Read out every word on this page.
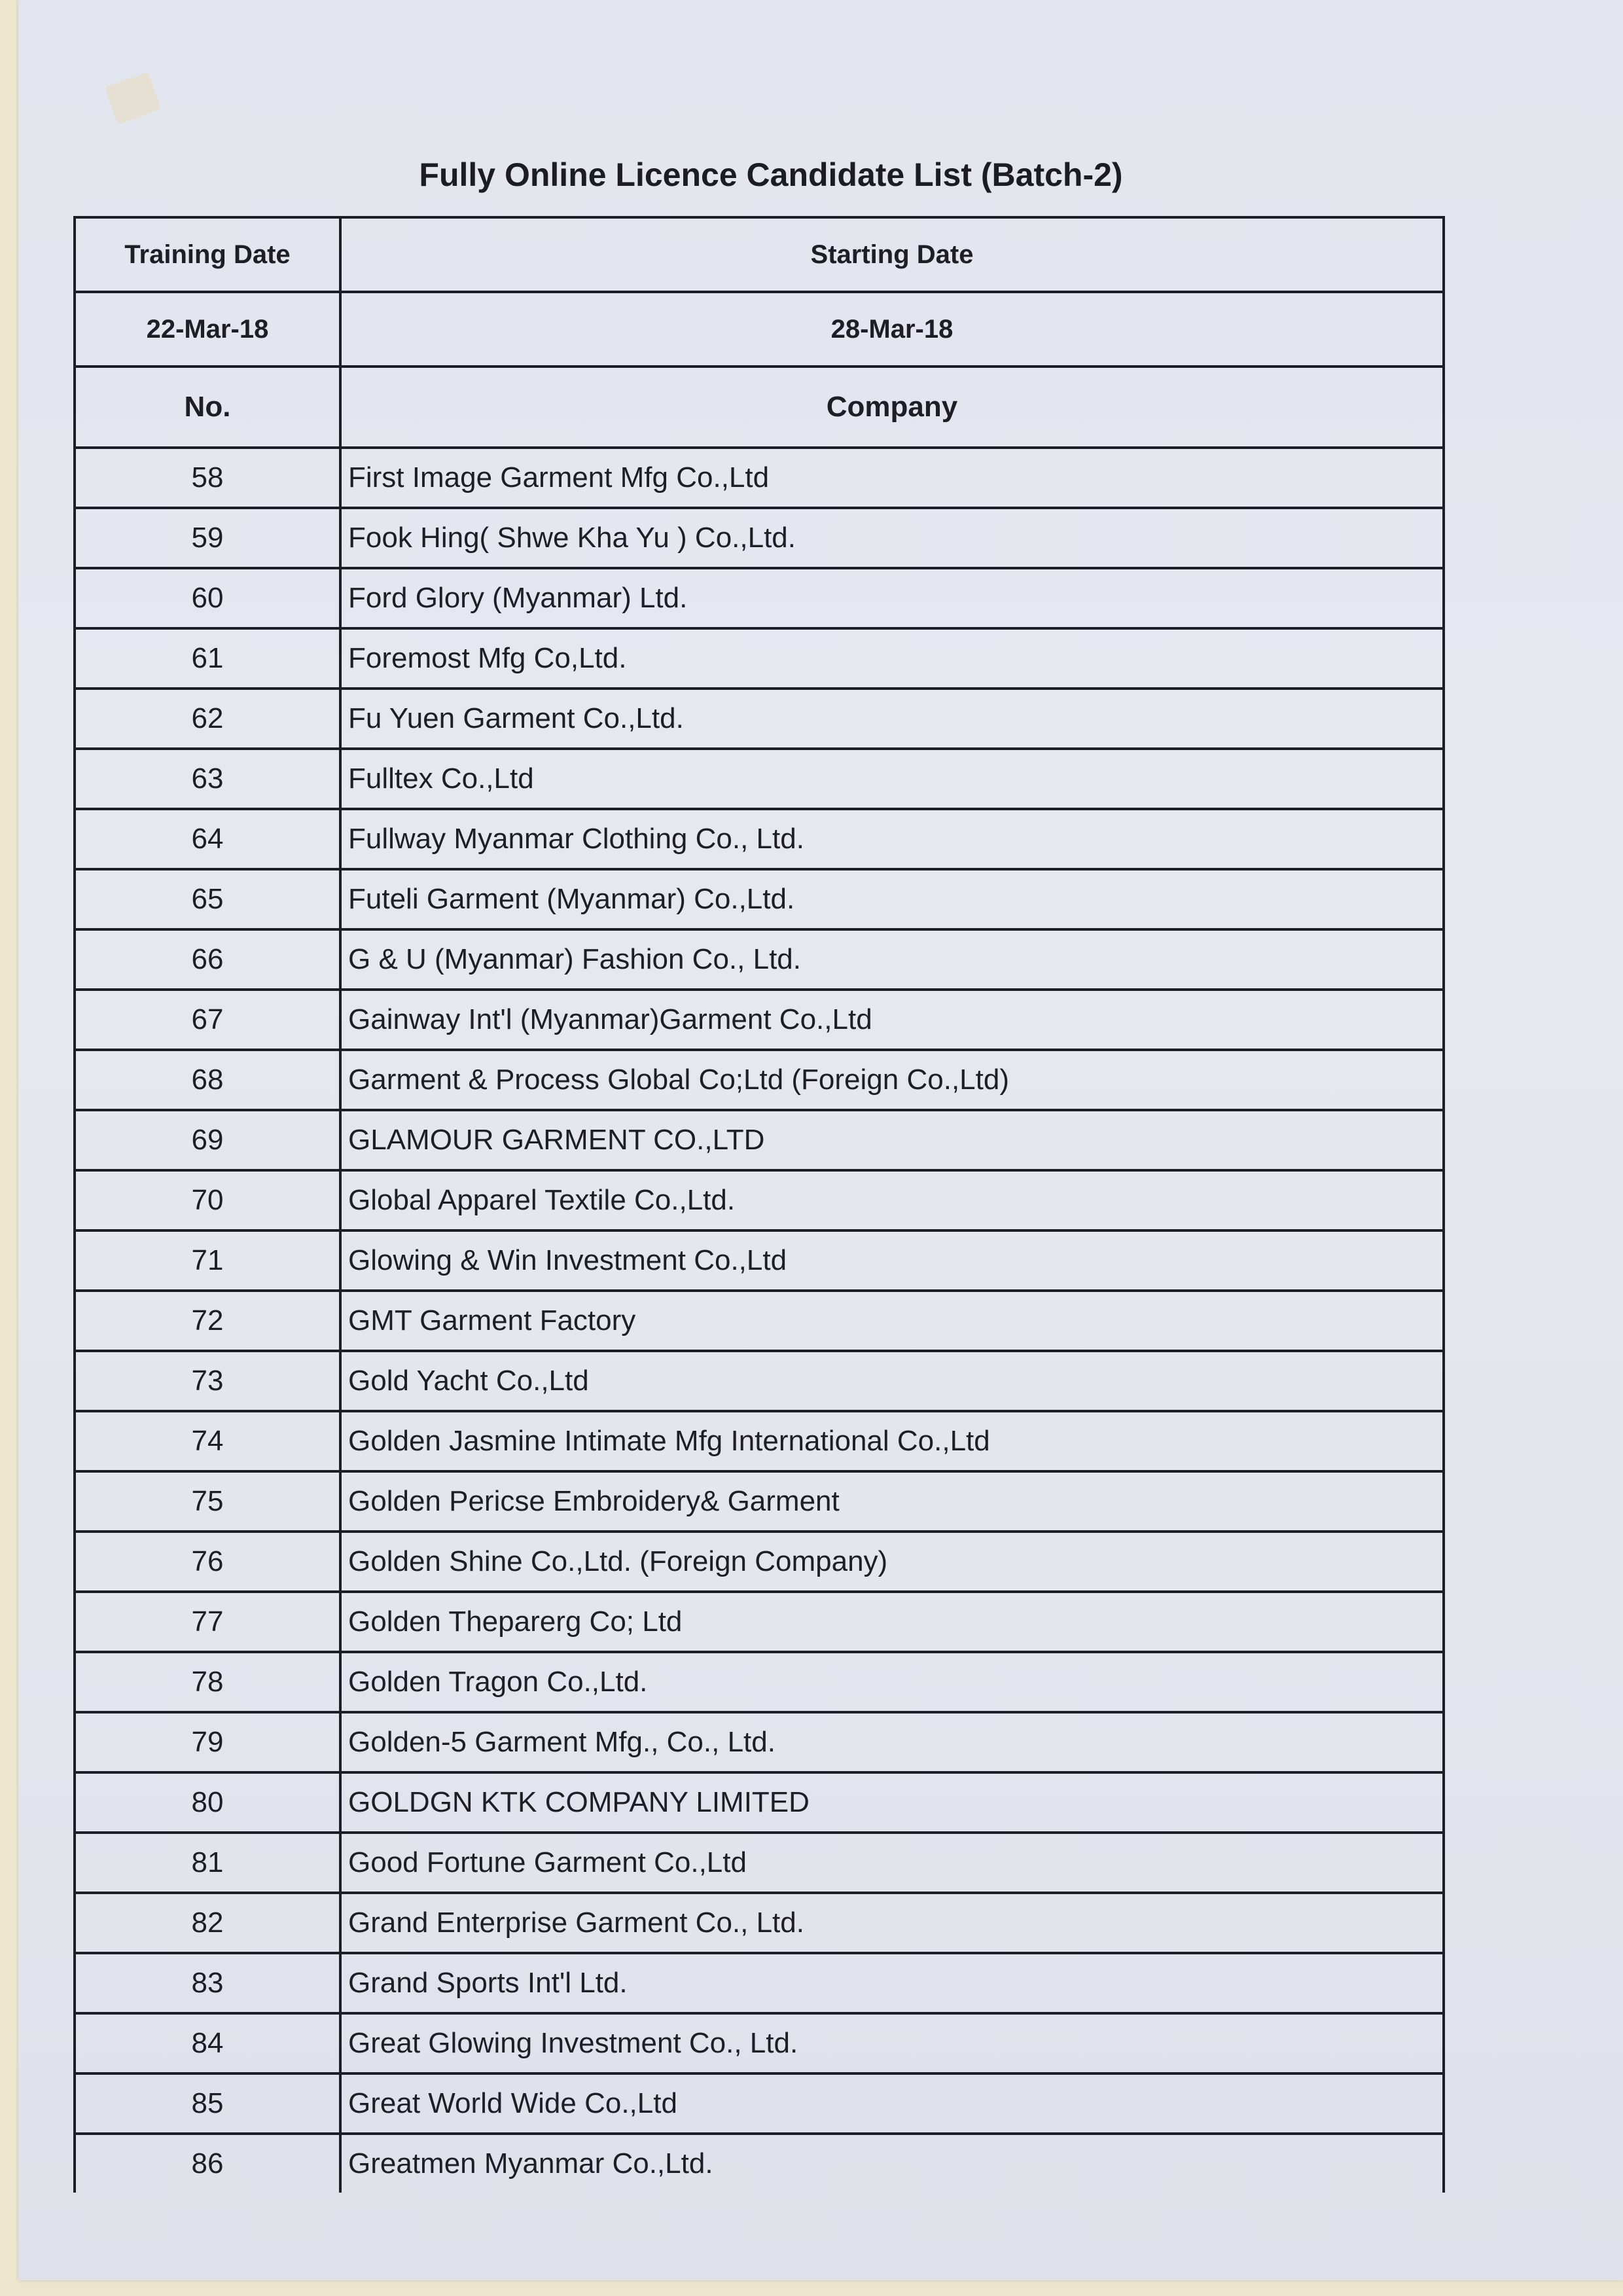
Fully Online Licence Candidate List (Batch-2)
Training Date	Starting Date
22-Mar-18	28-Mar-18
No.	Company
58	First Image Garment Mfg Co.,Ltd
59	Fook Hing( Shwe Kha Yu ) Co.,Ltd.
60	Ford Glory (Myanmar) Ltd.
61	Foremost Mfg Co,Ltd.
62	Fu Yuen Garment Co.,Ltd.
63	Fulltex Co.,Ltd
64	Fullway Myanmar Clothing Co., Ltd.
65	Futeli Garment (Myanmar) Co.,Ltd.
66	G & U (Myanmar) Fashion Co., Ltd.
67	Gainway Int'l (Myanmar)Garment Co.,Ltd
68	Garment & Process Global Co;Ltd (Foreign Co.,Ltd)
69	GLAMOUR GARMENT CO.,LTD
70	Global Apparel Textile Co.,Ltd.
71	Glowing & Win Investment Co.,Ltd
72	GMT Garment Factory
73	Gold Yacht Co.,Ltd
74	Golden Jasmine Intimate Mfg International Co.,Ltd
75	Golden Pericse Embroidery& Garment
76	Golden Shine Co.,Ltd. (Foreign Company)
77	Golden Theparerg Co; Ltd
78	Golden Tragon Co.,Ltd.
79	Golden-5 Garment Mfg., Co., Ltd.
80	GOLDGN KTK COMPANY LIMITED
81	Good Fortune Garment Co.,Ltd
82	Grand Enterprise Garment Co., Ltd.
83	Grand Sports Int'l Ltd.
84	Great Glowing Investment Co., Ltd.
85	Great World Wide Co.,Ltd
86	Greatmen Myanmar Co.,Ltd.
